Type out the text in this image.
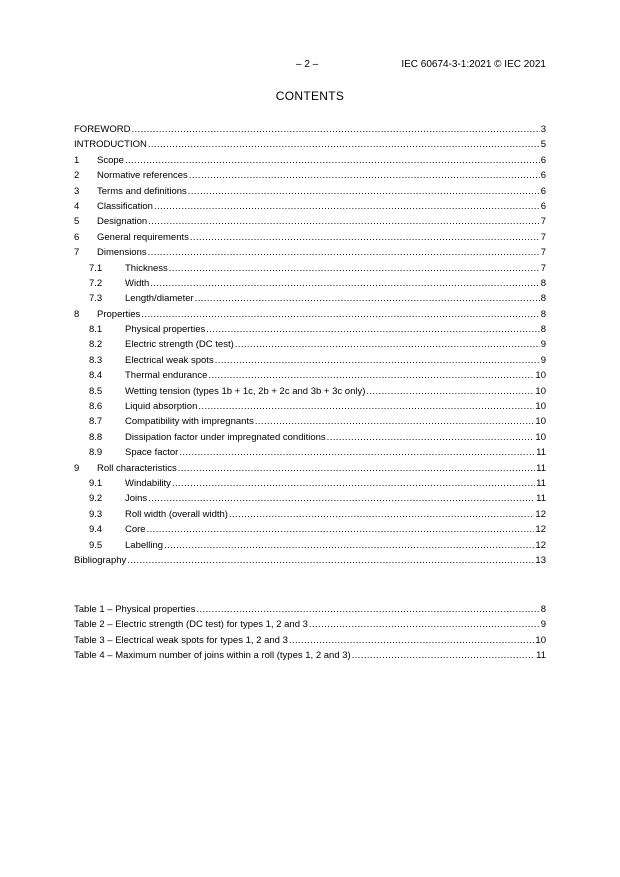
– 2 –	IEC 60674-3-1:2021 © IEC 2021
CONTENTS
FOREWORD .....	3
INTRODUCTION .....	5
1	Scope .....	6
2	Normative references .....	6
3	Terms and definitions .....	6
4	Classification .....	6
5	Designation .....	7
6	General requirements .....	7
7	Dimensions .....	7
7.1	Thickness .....	7
7.2	Width .....	8
7.3	Length/diameter .....	8
8	Properties .....	8
8.1	Physical properties .....	8
8.2	Electric strength (DC test) .....	9
8.3	Electrical weak spots .....	9
8.4	Thermal endurance .....	10
8.5	Wetting tension (types 1b + 1c, 2b + 2c and 3b + 3c only) .....	10
8.6	Liquid absorption .....	10
8.7	Compatibility with impregnants .....	10
8.8	Dissipation factor under impregnated conditions .....	10
8.9	Space factor .....	11
9	Roll characteristics .....	11
9.1	Windability .....	11
9.2	Joins .....	11
9.3	Roll width (overall width) .....	12
9.4	Core .....	12
9.5	Labelling .....	12
Bibliography .....	13
Table 1 – Physical properties .....	8
Table 2 – Electric strength (DC test) for types 1, 2 and 3 .....	9
Table 3 – Electrical weak spots for types 1, 2 and 3 .....	10
Table 4 – Maximum number of joins within a roll (types 1, 2 and 3) .....	11
